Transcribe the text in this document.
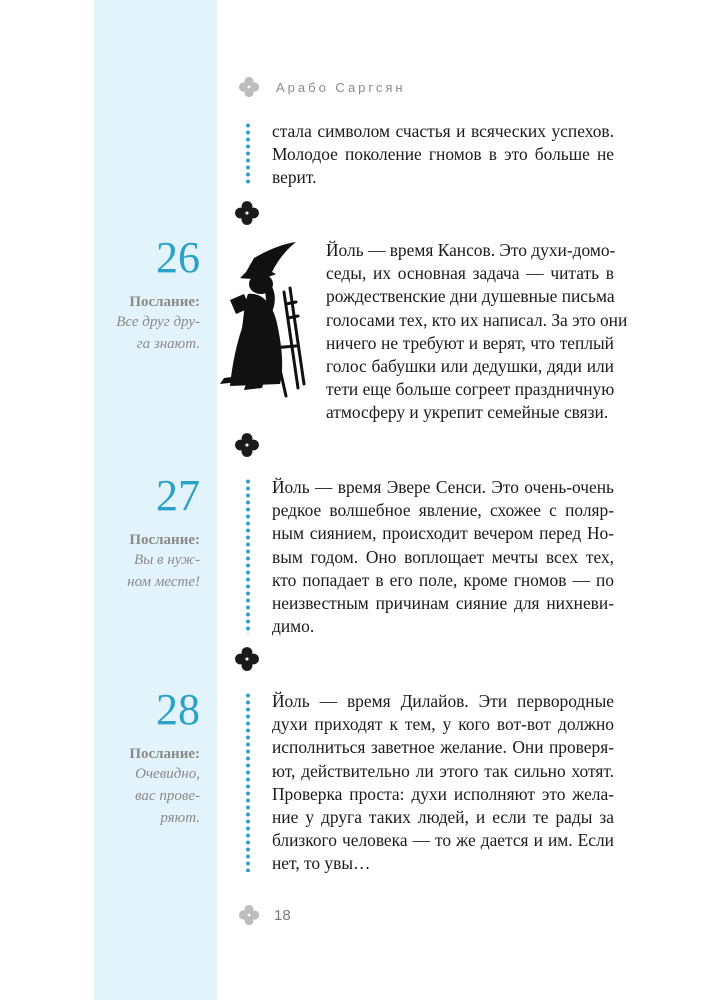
Арабо Саргсян

стала символом счастья и всяческих успехов.
Молодое поколение гномов в это больше не
верит.

26
Послание:
Все друг дру-
га знают.

Йоль — время Кансов. Это духи-домо-
седы, их основная задача — читать в
рождественские дни душевные письма
голосами тех, кто их написал. За это они
ничего не требуют и верят, что теплый
голос бабушки или дедушки, дяди или
тети еще больше согреет праздничную
атмосферу и укрепит семейные связи.

27
Послание:
Вы в нуж-
ном месте!

Йоль — время Эвере Сенси. Это очень-очень
редкое волшебное явление, схожее с поляр-
ным сиянием, происходит вечером перед Но-
вым годом. Оно воплощает мечты всех тех,
кто попадает в его поле, кроме гномов — по
неизвестным причинам сияние для нихневи-
димо.

28
Послание:
Очевидно,
вас прове-
ряют.

Йоль — время Дилайов. Эти первородные
духи приходят к тем, у кого вот-вот должно
исполниться заветное желание. Они проверя-
ют, действительно ли этого так сильно хотят.
Проверка проста: духи исполняют это жела-
ние у друга таких людей, и если те рады за
близкого человека — то же дается и им. Если
нет, то увы…

18
